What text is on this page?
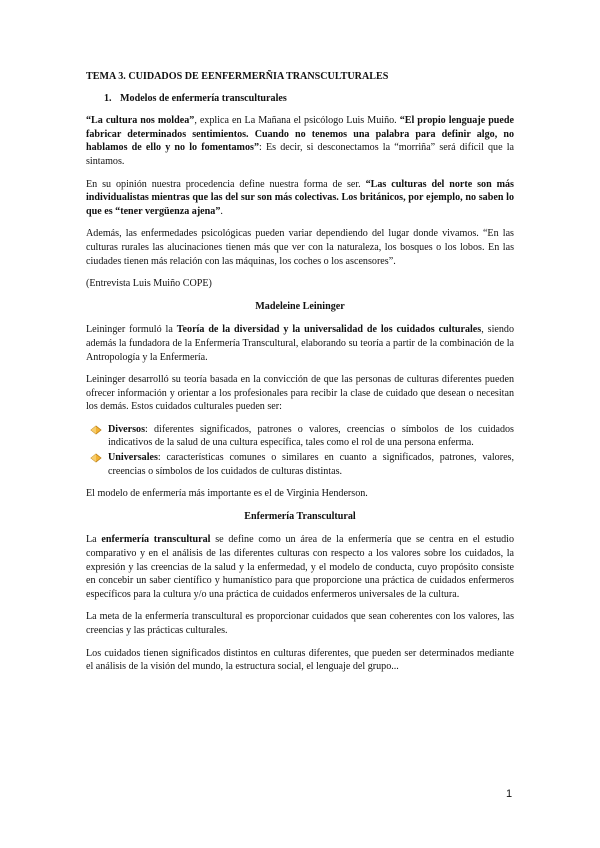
TEMA 3. CUIDADOS DE EENFERMERÑIA TRANSCULTURALES
1. Modelos de enfermería transculturales

“La cultura nos moldea”, explica en La Mañana el psicólogo Luis Muiño. “El propio lenguaje puede fabricar determinados sentimientos. Cuando no tenemos una palabra para definir algo, no hablamos de ello y no lo fomentamos”: Es decir, si desconectamos la “morriña” será difícil que la sintamos.

En su opinión nuestra procedencia define nuestra forma de ser. “Las culturas del norte son más individualistas mientras que las del sur son más colectivas. Los británicos, por ejemplo, no saben lo que es “tener vergüenza ajena”.

Además, las enfermedades psicológicas pueden variar dependiendo del lugar donde vivamos. “En las culturas rurales las alucinaciones tienen más que ver con la naturaleza, los bosques o los lobos. En las ciudades tienen más relación con las máquinas, los coches o los ascensores”.

(Entrevista Luis Muiño COPE)

Madeleine Leininger

Leininger formuló la Teoría de la diversidad y la universalidad de los cuidados culturales, siendo además la fundadora de la Enfermería Transcultural, elaborando su teoría a partir de la combinación de la Antropología y la Enfermería.

Leininger desarrolló su teoría basada en la convicción de que las personas de culturas diferentes pueden ofrecer información y orientar a los profesionales para recibir la clase de cuidado que desean o necesitan los demás. Estos cuidados culturales pueden ser:

Diversos: diferentes significados, patrones o valores, creencias o símbolos de los cuidados indicativos de la salud de una cultura específica, tales como el rol de una persona enferma.
Universales: características comunes o similares en cuanto a significados, patrones, valores, creencias o símbolos de los cuidados de culturas distintas.

El modelo de enfermería más importante es el de Virginia Henderson.

Enfermería Transcultural

La enfermería transcultural se define como un área de la enfermería que se centra en el estudio comparativo y en el análisis de las diferentes culturas con respecto a los valores sobre los cuidados, la expresión y las creencias de la salud y la enfermedad, y el modelo de conducta, cuyo propósito consiste en concebir un saber científico y humanístico para que proporcione una práctica de cuidados enfermeros específicos para la cultura y/o una práctica de cuidados enfermeros universales de la cultura.

La meta de la enfermería transcultural es proporcionar cuidados que sean coherentes con los valores, las creencias y las prácticas culturales.

Los cuidados tienen significados distintos en culturas diferentes, que pueden ser determinados mediante el análisis de la visión del mundo, la estructura social, el lenguaje del grupo...

1
